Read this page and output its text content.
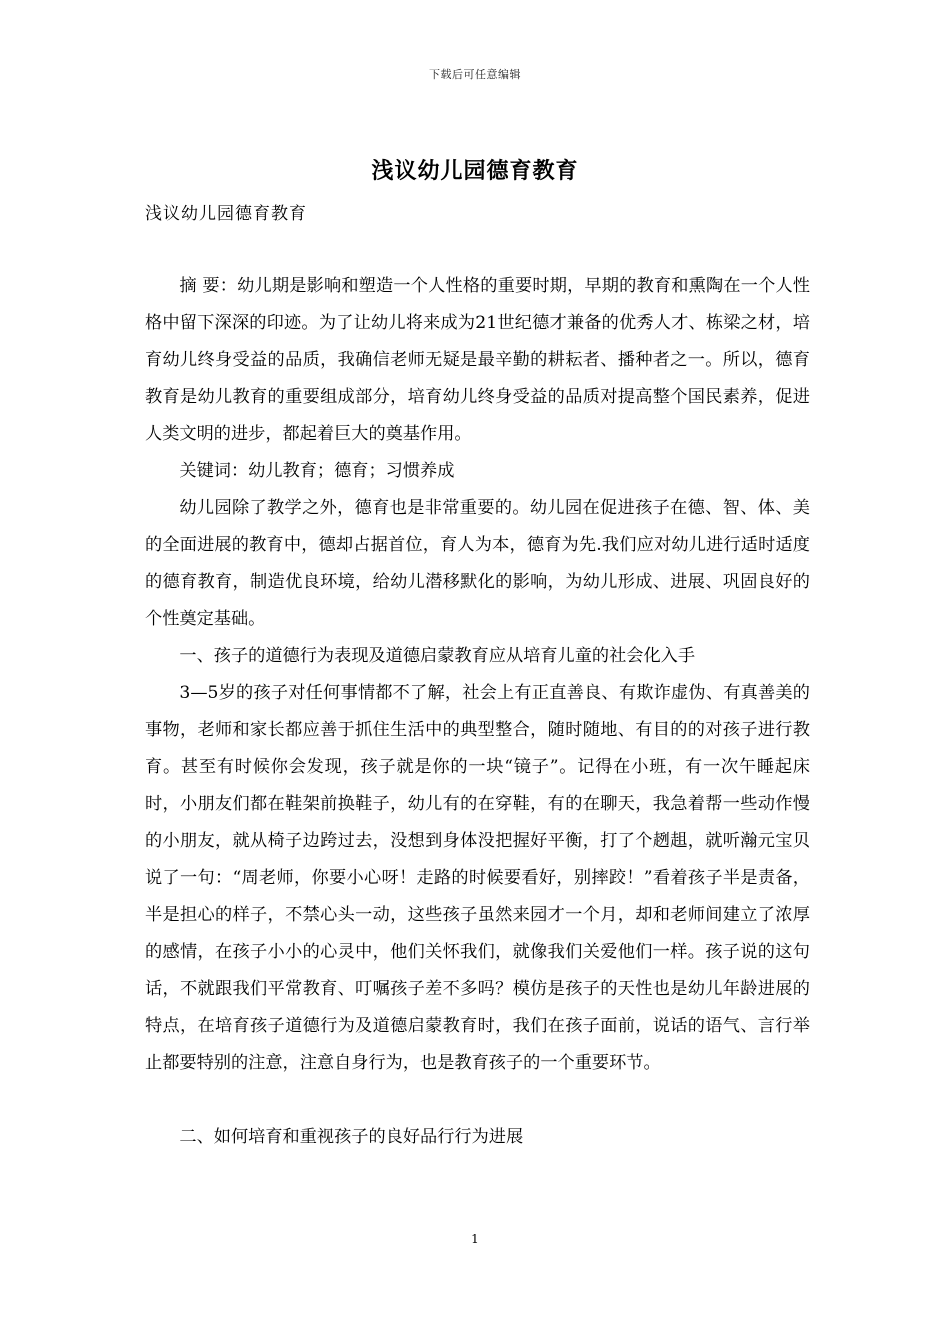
下载后可任意编辑
浅议幼儿园德育教育
浅议幼儿园德育教育

摘 要：幼儿期是影响和塑造一个人性格的重要时期，早期的教育和熏陶在一个人性格中留下深深的印迹。为了让幼儿将来成为21世纪德才兼备的优秀人才、栋梁之材，培育幼儿终身受益的品质，我确信老师无疑是最辛勤的耕耘者、播种者之一。所以，德育教育是幼儿教育的重要组成部分，培育幼儿终身受益的品质对提高整个国民素养，促进人类文明的进步，都起着巨大的奠基作用。

关键词：幼儿教育；德育；习惯养成

幼儿园除了教学之外，德育也是非常重要的。幼儿园在促进孩子在德、智、体、美的全面进展的教育中，德却占据首位，育人为本，德育为先.我们应对幼儿进行适时适度的德育教育，制造优良环境，给幼儿潜移默化的影响，为幼儿形成、进展、巩固良好的个性奠定基础。

一、孩子的道德行为表现及道德启蒙教育应从培育儿童的社会化入手

3—5岁的孩子对任何事情都不了解，社会上有正直善良、有欺诈虚伪、有真善美的事物，老师和家长都应善于抓住生活中的典型整合，随时随地、有目的的对孩子进行教育。甚至有时候你会发现，孩子就是你的一块“镜子”。记得在小班，有一次午睡起床时，小朋友们都在鞋架前换鞋子，幼儿有的在穿鞋，有的在聊天，我急着帮一些动作慢的小朋友，就从椅子边跨过去，没想到身体没把握好平衡，打了个趔趄，就听瀚元宝贝说了一句：“周老师，你要小心呀！走路的时候要看好，别摔跤！”看着孩子半是责备，半是担心的样子，不禁心头一动，这些孩子虽然来园才一个月，却和老师间建立了浓厚的感情，在孩子小小的心灵中，他们关怀我们，就像我们关爱他们一样。孩子说的这句话，不就跟我们平常教育、叮嘱孩子差不多吗？模仿是孩子的天性也是幼儿年龄进展的特点，在培育孩子道德行为及道德启蒙教育时，我们在孩子面前，说话的语气、言行举止都要特别的注意，注意自身行为，也是教育孩子的一个重要环节。

二、如何培育和重视孩子的良好品行行为进展

1
